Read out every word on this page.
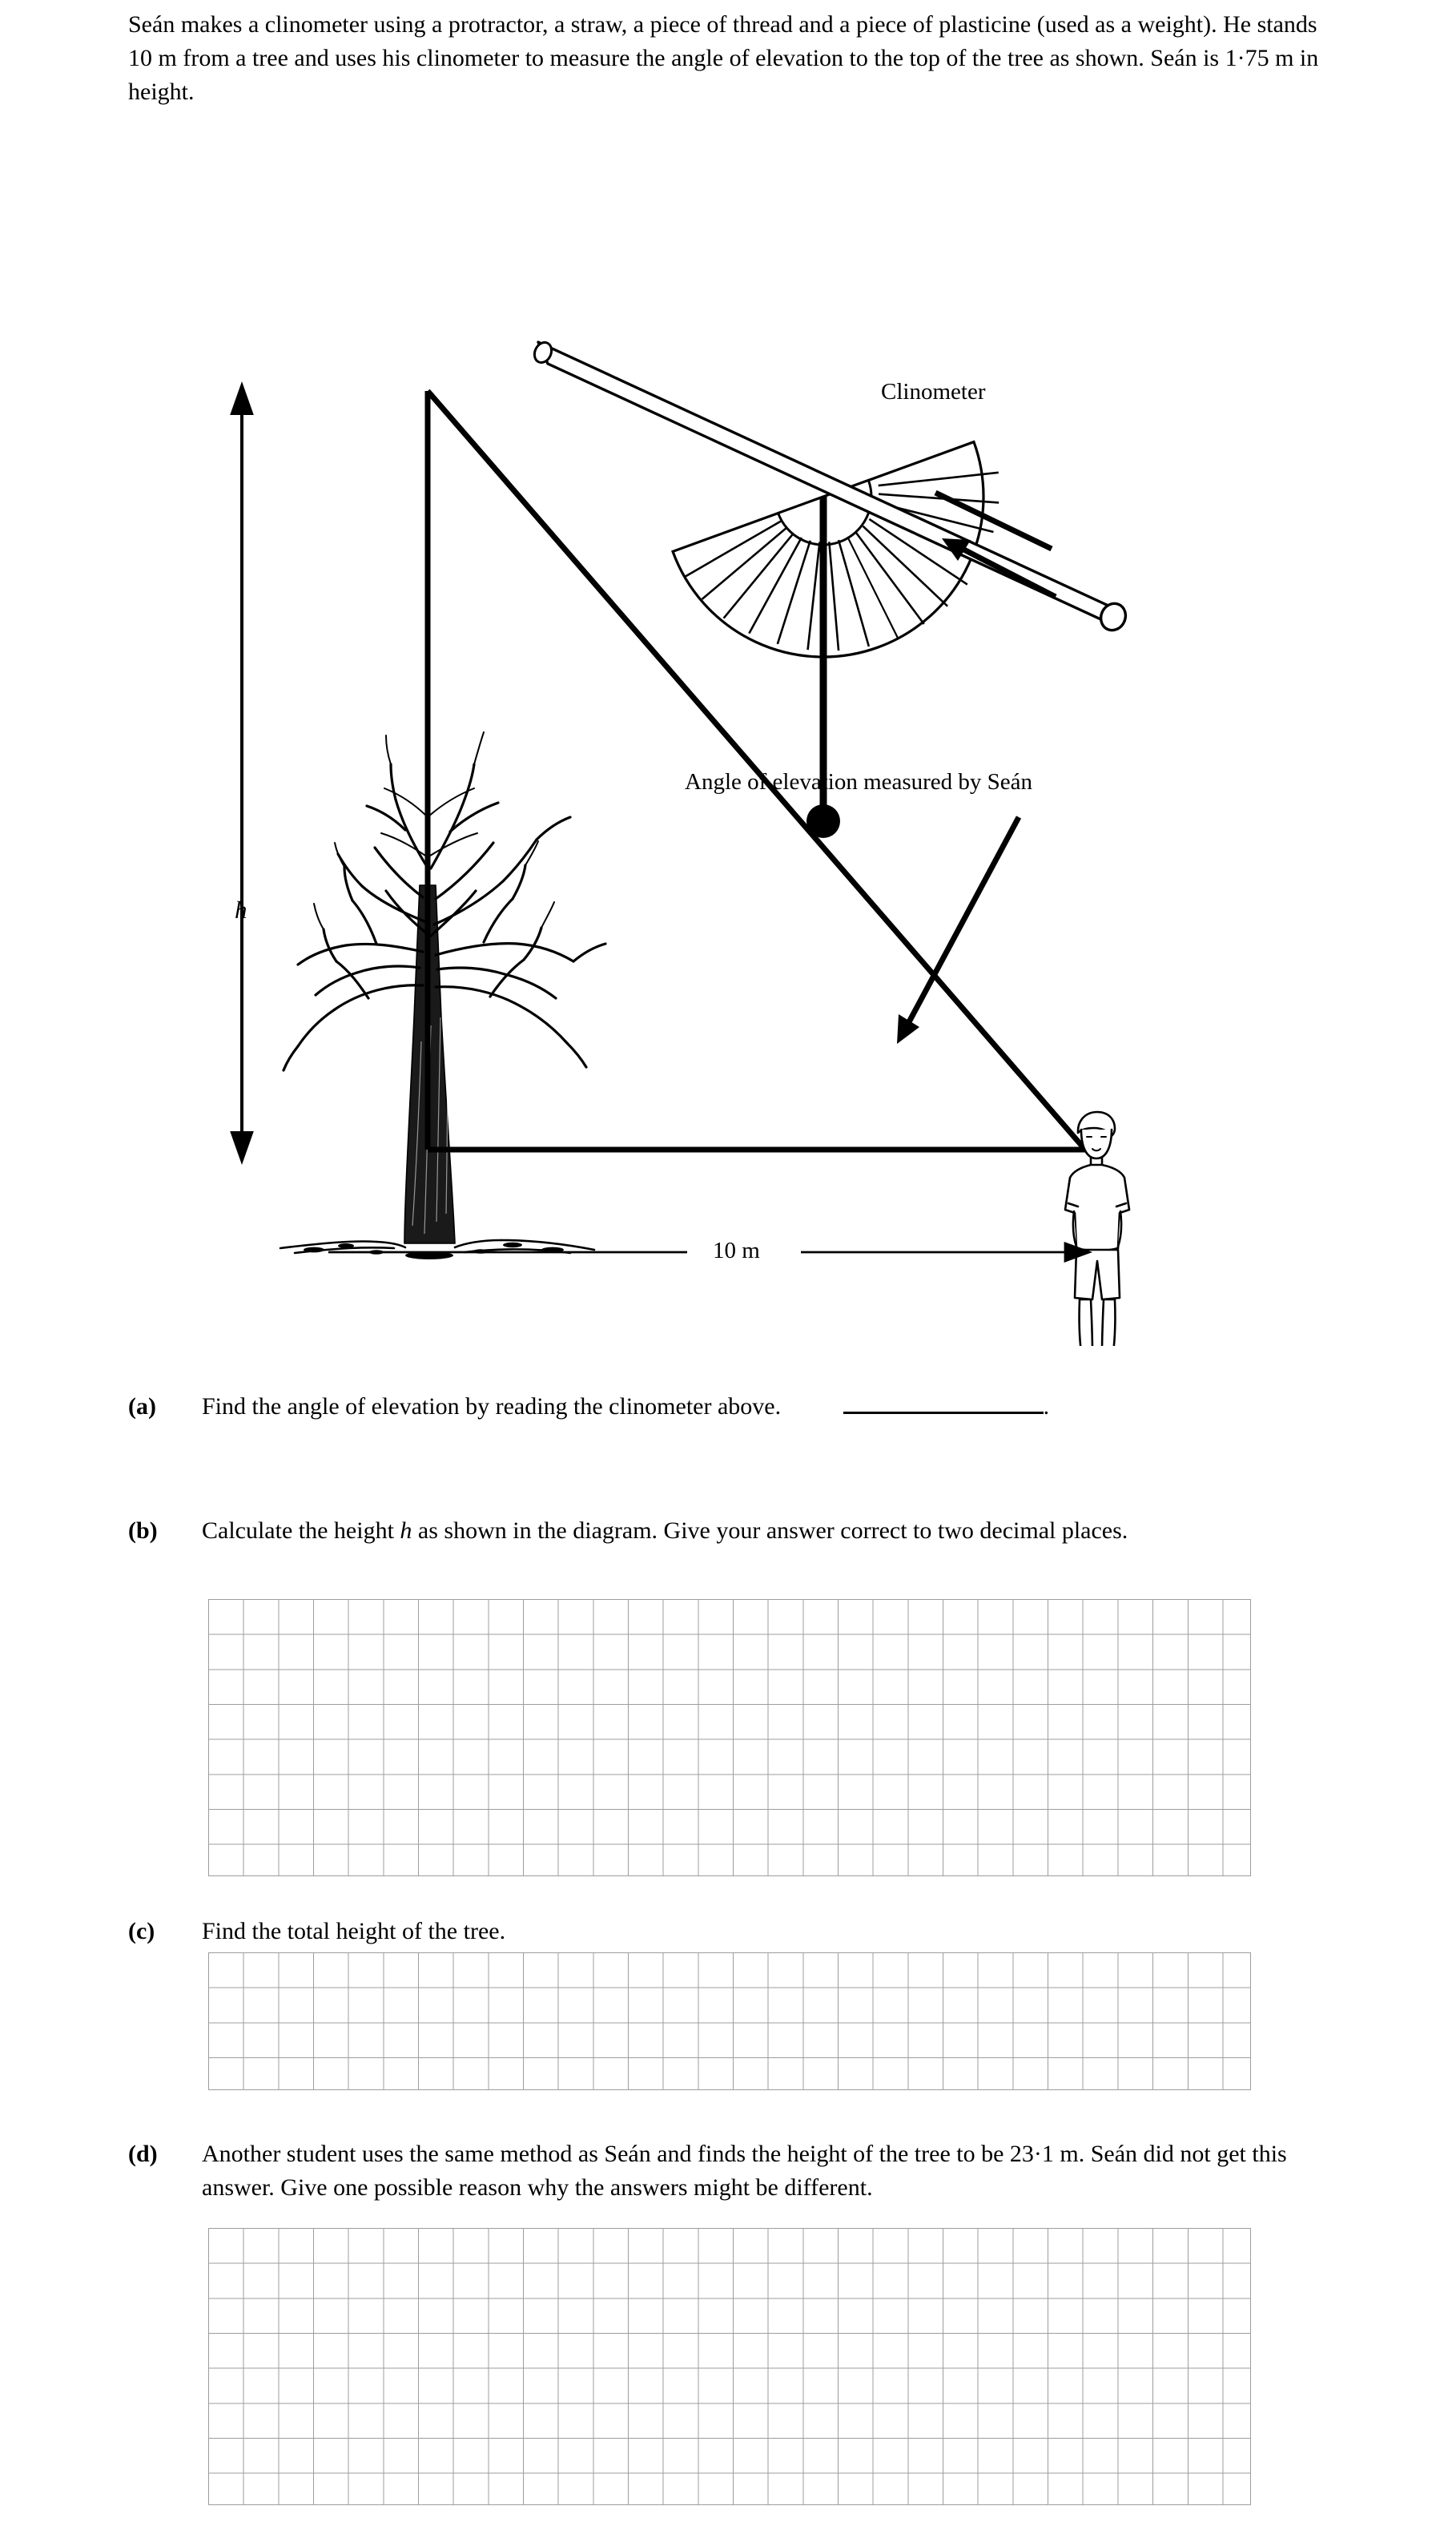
Seán makes a clinometer using a protractor, a straw, a piece of thread and a piece of plasticine (used as a weight). He stands 10 m from a tree and uses his clinometer to measure the angle of elevation to the top of the tree as shown. Seán is 1·75 m in height.
Clinometer
Angle of elevation measured by Seán
10 m
h
(a)	Find the angle of elevation by reading the clinometer above.	.
(b)	Calculate the height h as shown in the diagram. Give your answer correct to two decimal places.
(c)	Find the total height of the tree.
(d)	Another student uses the same method as Seán and finds the height of the tree to be 23·1 m. Seán did not get this answer. Give one possible reason why the answers might be different.
